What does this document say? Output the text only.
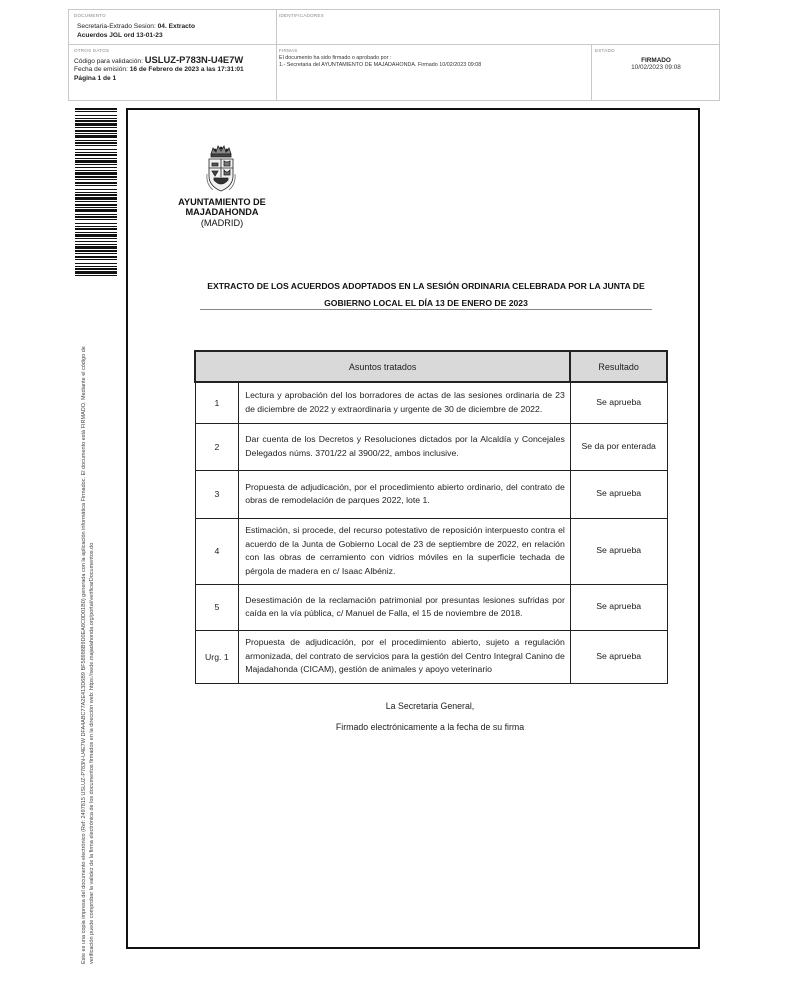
DOCUMENTO
Secretaria-Extrado Sesion: 04. Extracto
Acuerdos JGL ord 13-01-23
IDENTIFICADORES
OTROS DATOS
Código para validación: USLUZ-P783N-U4E7W
Fecha de emisión: 16 de Febrero de 2023 a las 17:31:01
Página 1 de 1
FIRMAS
El documento ha sido firmado o aprobado por :
1.- Secretaria del AYUNTAMIENTO DE MAJADAHONDA. Firmado 10/02/2023 09:08
ESTADO
FIRMADO
10/02/2023 09:08
Este es una copia impresa del documento electrónico (Ref: 2497815 USLUZ-P783N-U4E7W DFA4ABC77A2E413D6B9 BF58988B9D0EA8C0D01B0) generada con la aplicación informática Firmadoc. El documento está FIRMADO. Mediante el código de verificación puede comprobar la validez de la firma electrónica de los documentos firmados en la dirección web: https://sede.majadahonda.org/portal/verificarDocumentos.do
AYUNTAMIENTO DE
MAJADAHONDA
(MADRID)
EXTRACTO DE LOS ACUERDOS ADOPTADOS EN LA SESIÓN ORDINARIA CELEBRADA POR LA JUNTA DE
GOBIERNO LOCAL EL DÍA 13 DE ENERO DE 2023
Asuntos tratados		Resultado
1	Lectura y aprobación del los borradores de actas de las sesiones ordinaria de 23 de diciembre de 2022 y extraordinaria y urgente de 30 de diciembre de 2022.	Se aprueba
2	Dar cuenta de los Decretos y Resoluciones dictados por la Alcaldía y Concejales Delegados núms. 3701/22 al 3900/22, ambos inclusive.	Se da por enterada
3	Propuesta de adjudicación, por el procedimiento abierto ordinario, del contrato de obras de remodelación de parques 2022, lote 1.	Se aprueba
4	Estimación, si procede, del recurso potestativo de reposición interpuesto contra el acuerdo de la Junta de Gobierno Local de 23 de septiembre de 2022, en relación con las obras de cerramiento con vidrios móviles en la superficie techada de pérgola de madera en c/ Isaac Albéniz.	Se aprueba
5	Desestimación de la reclamación patrimonial por presuntas lesiones sufridas por caída en la vía pública, c/ Manuel de Falla, el 15 de noviembre de 2018.	Se aprueba
Urg. 1	Propuesta de adjudicación, por el procedimiento abierto, sujeto a regulación armonizada, del contrato de servicios para la gestión del Centro Integral Canino de Majadahonda (CICAM), gestión de animales y apoyo veterinario	Se aprueba
La Secretaria General,
Firmado electrónicamente a la fecha de su firma
